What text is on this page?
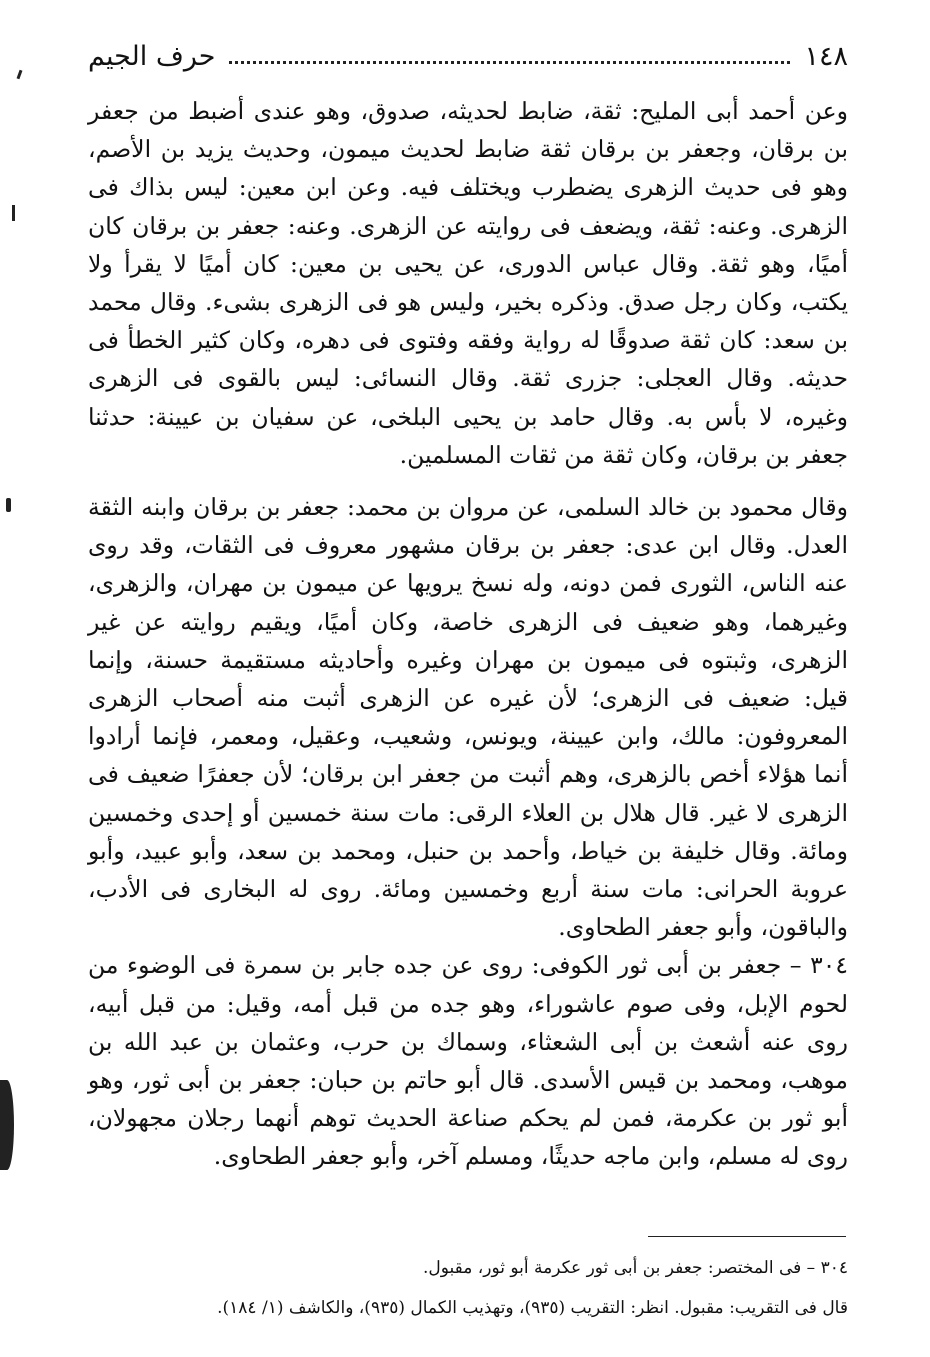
١٤٨
حرف الجيم

وعن أحمد أبى المليح: ثقة، ضابط لحديثه، صدوق، وهو عندى أضبط من جعفر بن برقان، وجعفر بن برقان ثقة ضابط لحديث ميمون، وحديث يزيد بن الأصم، وهو فى حديث الزهرى يضطرب ويختلف فيه. وعن ابن معين: ليس بذاك فى الزهرى. وعنه: ثقة، ويضعف فى روايته عن الزهرى. وعنه: جعفر بن برقان كان أميًا، وهو ثقة. وقال عباس الدورى، عن يحيى بن معين: كان أميًا لا يقرأ ولا يكتب، وكان رجل صدق. وذكره بخير، وليس هو فى الزهرى بشىء. وقال محمد بن سعد: كان ثقة صدوقًا له رواية وفقه وفتوى فى دهره، وكان كثير الخطأ فى حديثه. وقال العجلى: جزرى ثقة. وقال النسائى: ليس بالقوى فى الزهرى وغيره، لا بأس به. وقال حامد بن يحيى البلخى، عن سفيان بن عيينة: حدثنا جعفر بن برقان، وكان ثقة من ثقات المسلمين.

وقال محمود بن خالد السلمى، عن مروان بن محمد: جعفر بن برقان وابنه الثقة العدل. وقال ابن عدى: جعفر بن برقان مشهور معروف فى الثقات، وقد روى عنه الناس، الثورى فمن دونه، وله نسخ يرويها عن ميمون بن مهران، والزهرى، وغيرهما، وهو ضعيف فى الزهرى خاصة، وكان أميًا، ويقيم روايته عن غير الزهرى، وثبتوه فى ميمون بن مهران وغيره وأحاديثه مستقيمة حسنة، وإنما قيل: ضعيف فى الزهرى؛ لأن غيره عن الزهرى أثبت منه أصحاب الزهرى المعروفون: مالك، وابن عيينة، ويونس، وشعيب، وعقيل، ومعمر، فإنما أرادوا أنما هؤلاء أخص بالزهرى، وهم أثبت من جعفر ابن برقان؛ لأن جعفرًا ضعيف فى الزهرى لا غير. قال هلال بن العلاء الرقى: مات سنة خمسين أو إحدى وخمسين ومائة. وقال خليفة بن خياط، وأحمد بن حنبل، ومحمد بن سعد، وأبو عبيد، وأبو عروبة الحرانى: مات سنة أربع وخمسين ومائة. روى له البخارى فى الأدب، والباقون، وأبو جعفر الطحاوى.

٣٠٤ – جعفر بن أبى ثور الكوفى: روى عن جده جابر بن سمرة فى الوضوء من لحوم الإبل، وفى صوم عاشوراء، وهو جده من قبل أمه، وقيل: من قبل أبيه، روى عنه أشعث بن أبى الشعثاء، وسماك بن حرب، وعثمان بن عبد الله بن موهب، ومحمد بن قيس الأسدى. قال أبو حاتم بن حبان: جعفر بن أبى ثور، وهو أبو ثور بن عكرمة، فمن لم يحكم صناعة الحديث توهم أنهما رجلان مجهولان، روى له مسلم، وابن ماجه حديثًا، ومسلم آخر، وأبو جعفر الطحاوى.

٣٠٤ – فى المختصر: جعفر بن أبى ثور عكرمة أبو ثور، مقبول.

قال فى التقريب: مقبول. انظر: التقريب (٩٣٥)، وتهذيب الكمال (٩٣٥)، والكاشف (١/ ١٨٤).
